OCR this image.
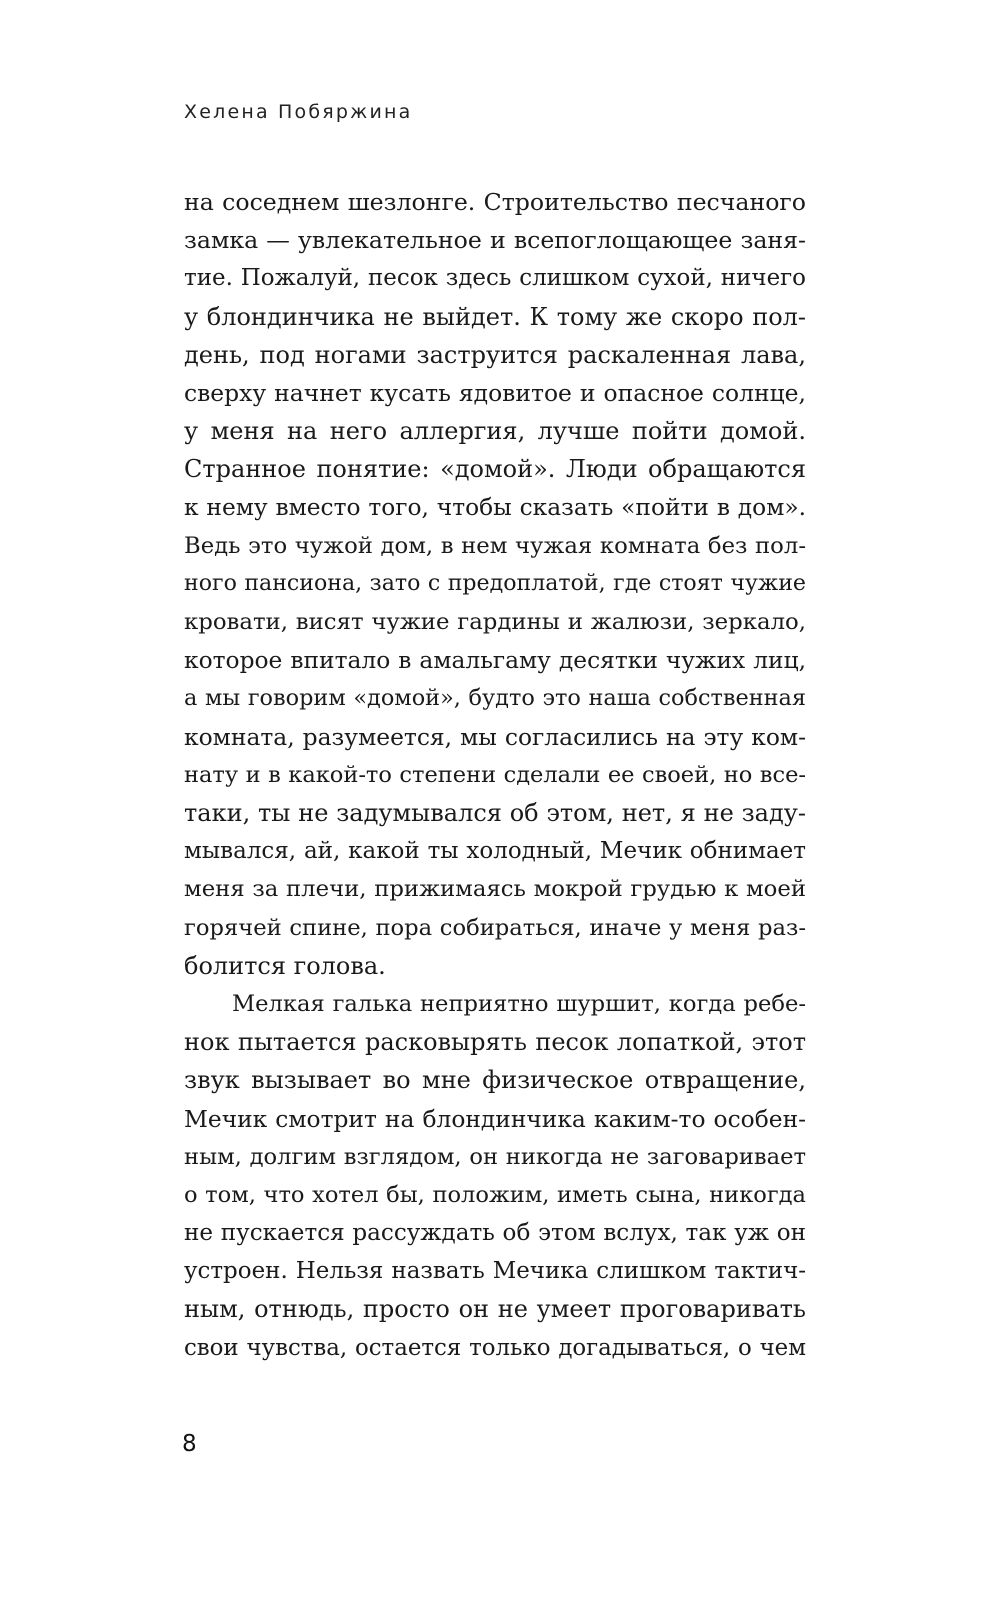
Хелена Побяржина
на соседнем шезлонге. Строительство песчаного
замка — увлекательное и всепоглощающее заня-
тие. Пожалуй, песок здесь слишком сухой, ничего
у блондинчика не выйдет. К тому же скоро пол-
день, под ногами заструится раскаленная лава,
сверху начнет кусать ядовитое и опасное солнце,
у меня на него аллергия, лучше пойти домой.
Странное понятие: «домой». Люди обращаются
к нему вместо того, чтобы сказать «пойти в дом».
Ведь это чужой дом, в нем чужая комната без пол-
ного пансиона, зато с предоплатой, где стоят чужие
кровати, висят чужие гардины и жалюзи, зеркало,
которое впитало в амальгаму десятки чужих лиц,
а мы говорим «домой», будто это наша собственная
комната, разумеется, мы согласились на эту ком-
нату и в какой-то степени сделали ее своей, но все-
таки, ты не задумывался об этом, нет, я не заду-
мывался, ай, какой ты холодный, Мечик обнимает
меня за плечи, прижимаясь мокрой грудью к моей
горячей спине, пора собираться, иначе у меня раз-
болится голова.
Мелкая галька неприятно шуршит, когда ребе-
нок пытается расковырять песок лопаткой, этот
звук вызывает во мне физическое отвращение,
Мечик смотрит на блондинчика каким-то особен-
ным, долгим взглядом, он никогда не заговаривает
о том, что хотел бы, положим, иметь сына, никогда
не пускается рассуждать об этом вслух, так уж он
устроен. Нельзя назвать Мечика слишком тактич-
ным, отнюдь, просто он не умеет проговаривать
свои чувства, остается только догадываться, о чем

8
